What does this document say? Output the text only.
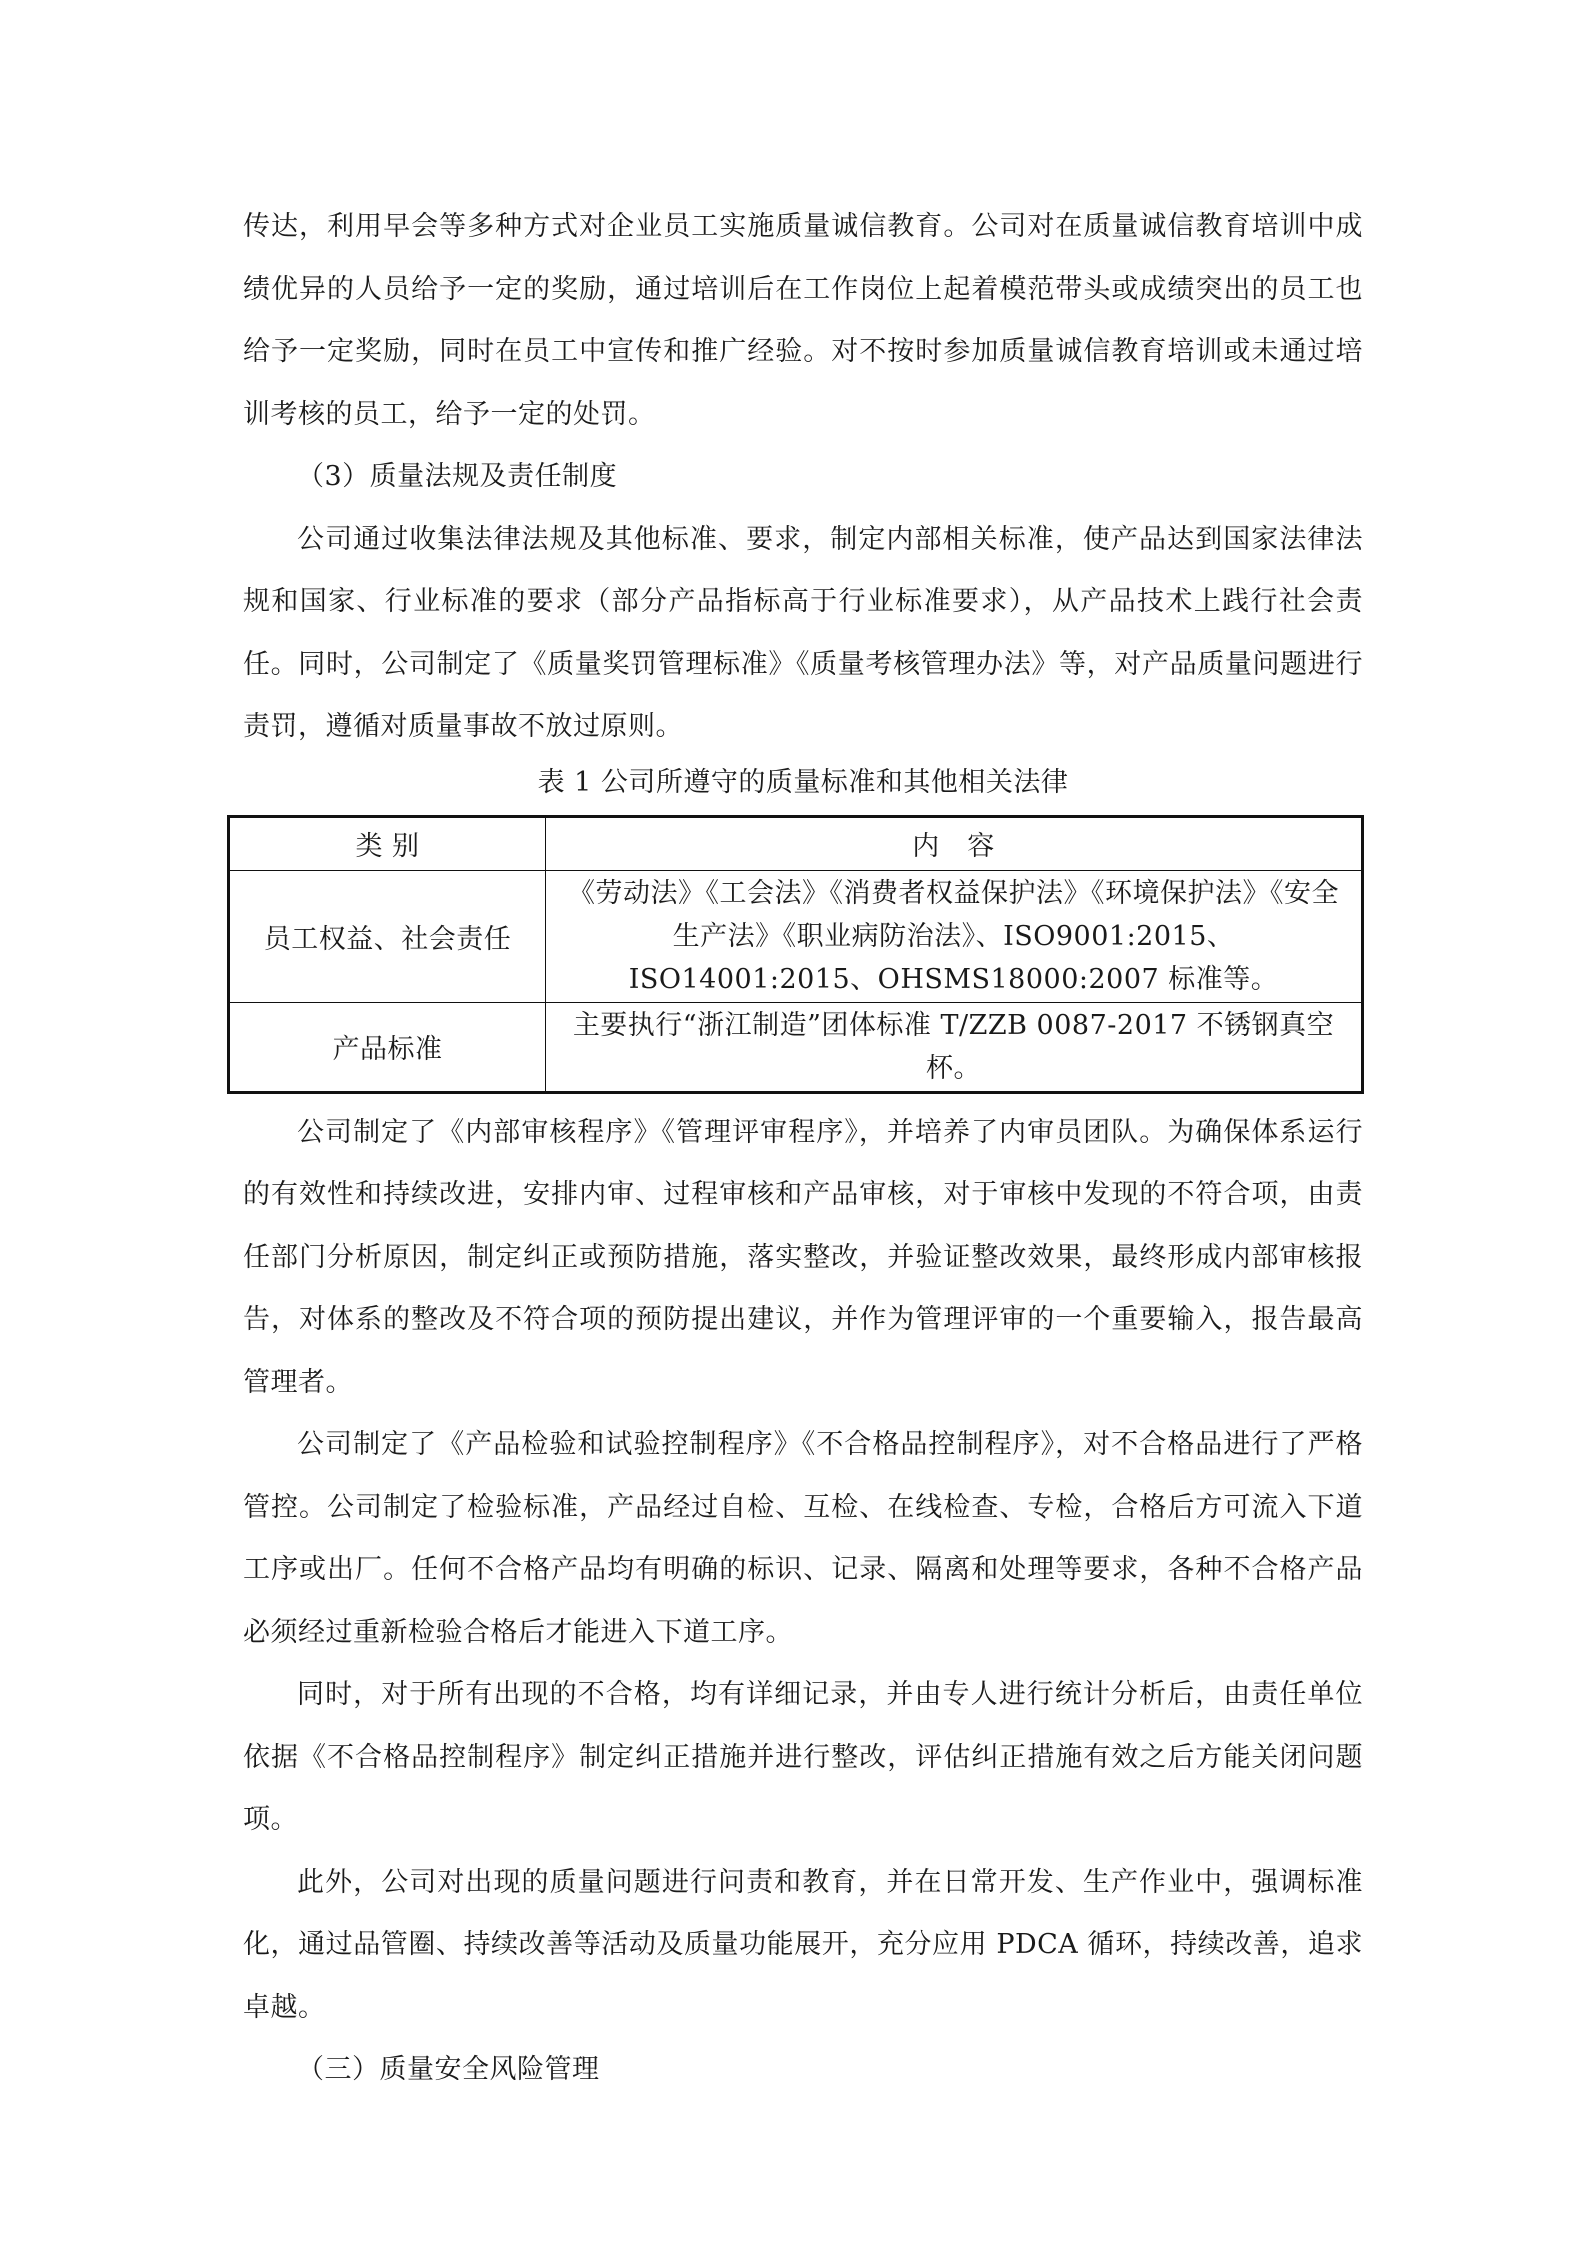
传达，利用早会等多种方式对企业员工实施质量诚信教育。公司对在质量诚信教育培训中成绩优异的人员给予一定的奖励，通过培训后在工作岗位上起着模范带头或成绩突出的员工也给予一定奖励，同时在员工中宣传和推广经验。对不按时参加质量诚信教育培训或未通过培训考核的员工，给予一定的处罚。

（3）质量法规及责任制度

公司通过收集法律法规及其他标准、要求，制定内部相关标准，使产品达到国家法律法规和国家、行业标准的要求（部分产品指标高于行业标准要求），从产品技术上践行社会责任。同时，公司制定了《质量奖罚管理标准》《质量考核管理办法》等，对产品质量问题进行责罚，遵循对质量事故不放过原则。

表 1 公司所遵守的质量标准和其他相关法律
类 别	内　容
员工权益、社会责任	《劳动法》《工会法》《消费者权益保护法》《环境保护法》《安全生产法》《职业病防治法》、ISO9001:2015、ISO14001:2015、OHSMS18000:2007 标准等。
产品标准	主要执行“浙江制造”团体标准 T/ZZB 0087-2017 不锈钢真空杯。

公司制定了《内部审核程序》《管理评审程序》，并培养了内审员团队。为确保体系运行的有效性和持续改进，安排内审、过程审核和产品审核，对于审核中发现的不符合项，由责任部门分析原因，制定纠正或预防措施，落实整改，并验证整改效果，最终形成内部审核报告，对体系的整改及不符合项的预防提出建议，并作为管理评审的一个重要输入，报告最高管理者。

公司制定了《产品检验和试验控制程序》《不合格品控制程序》，对不合格品进行了严格管控。公司制定了检验标准，产品经过自检、互检、在线检查、专检，合格后方可流入下道工序或出厂。任何不合格产品均有明确的标识、记录、隔离和处理等要求，各种不合格产品必须经过重新检验合格后才能进入下道工序。

同时，对于所有出现的不合格，均有详细记录，并由专人进行统计分析后，由责任单位依据《不合格品控制程序》制定纠正措施并进行整改，评估纠正措施有效之后方能关闭问题项。

此外，公司对出现的质量问题进行问责和教育，并在日常开发、生产作业中，强调标准化，通过品管圈、持续改善等活动及质量功能展开，充分应用 PDCA 循环，持续改善，追求卓越。

（三）质量安全风险管理
